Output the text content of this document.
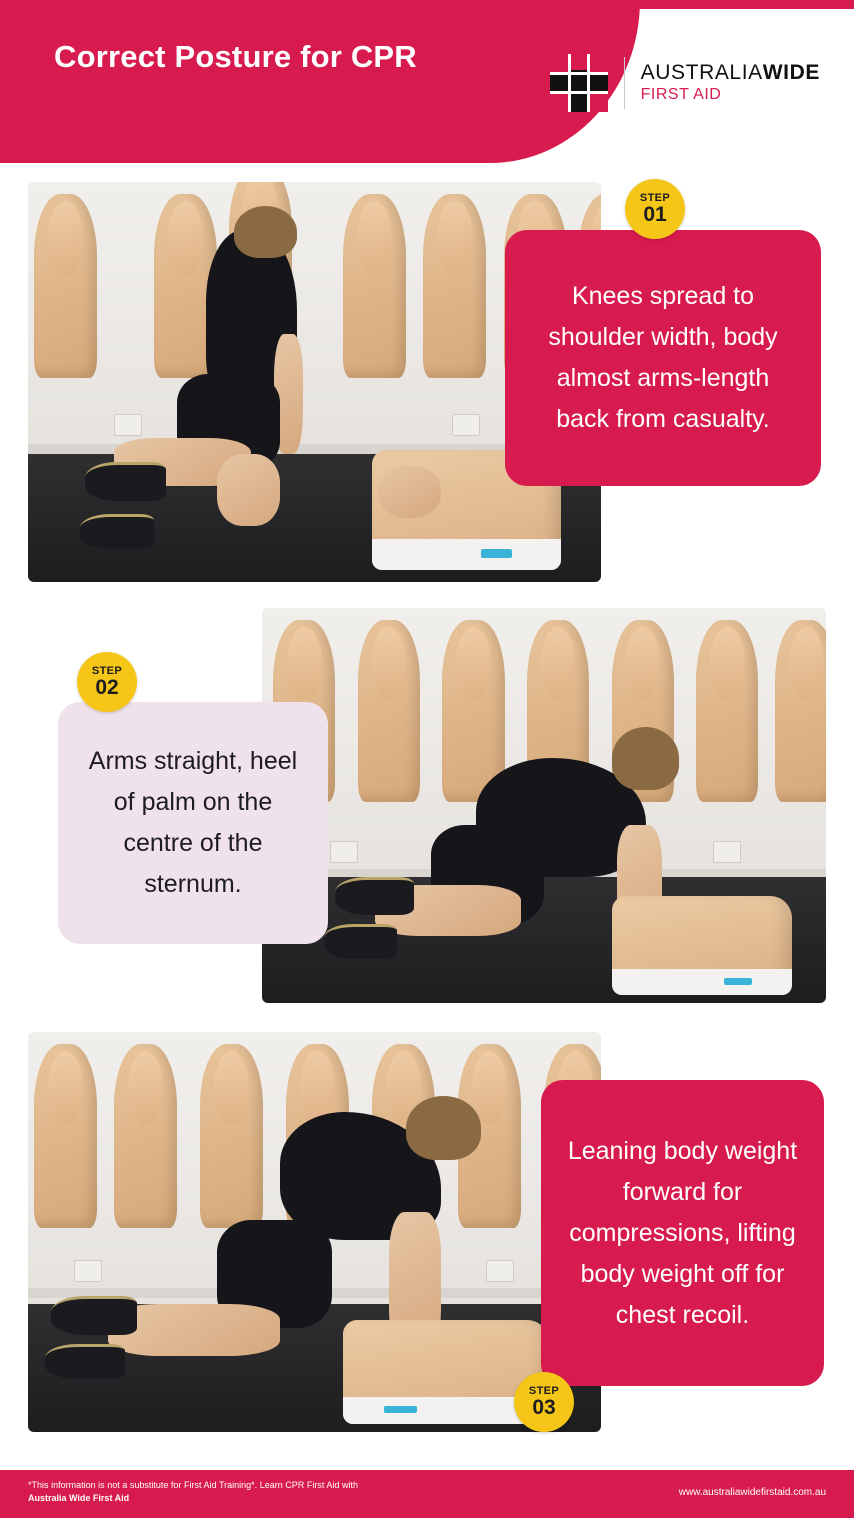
Correct Posture for CPR	AUSTRALIAWIDE
FIRST AID
STEP
01

Knees spread to shoulder width, body almost arms-length back from casualty.

STEP
02

Arms straight, heel of palm on the centre of the sternum.

Leaning body weight forward for compressions, lifting body weight off for chest recoil.

STEP
03
*This information is not a substitute for First Aid Training*. Learn CPR First Aid with Australia Wide First Aid	www.australiawidefirstaid.com.au
